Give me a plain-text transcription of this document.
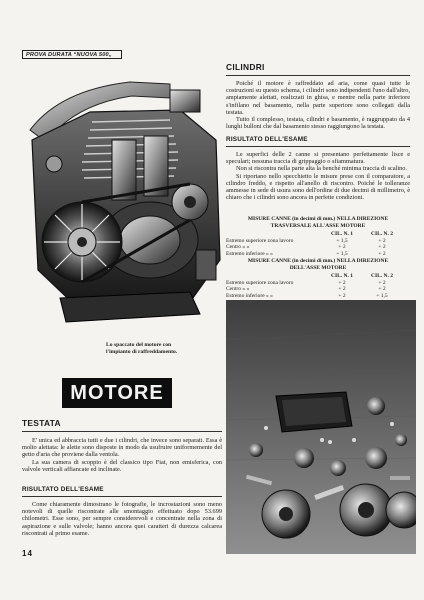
PROVA DURATA “NUOVA 500„
Lo spaccato del motore con
l'impianto di raffreddamento.
MOTORE
TESTATA

E' unica ed abbraccia tutti e due i cilindri, che invece sono separati. Essa è molto alettata: le alette sono disposte in modo da usufruire uniformemente del getto d'aria che proviene dalla ventola.

La sua camera di scoppio è del classico tipo Fiat, non emisferica, con valvole verticali affiancate ed inclinate.

RISULTATO DELL'ESAME

Come chiaramente dimostrano le fotografie, le incrostazioni sono meno notevoli di quelle riscontrate alle smontaggio effettuato dopo 53.699 chilometri. Esse sono, per sempre considerevoli e concentrate nella zona di aspirazione e sulle valvole; hanno ancora quei caratteri di durezza calcarea riscontrati al primo esame.

14
CILINDRI

Poiché il motore è raffreddato ad aria, come quasi tutte le costruzioni su questo schema, i cilindri sono indipendenti l'uno dall'altro, ampiamente alettati, realizzati in ghisa, e mentre nella parte inferiore s'infilano nel basamento, nella parte superiore sono collegati dalla testata.

Tutto il complesso, testata, cilindri e basamento, è raggruppato da 4 lunghi bulloni che dal basamento stesso raggiungono la testata.

RISULTATO DELL'ESAME

Le superfici delle 2 canne si presentano perfettamente lisce e speculari; nessuna traccia di grippaggio o sfiammatura.

Non si riscontra nella parte alta la benché minima traccia di scalino.

Si riportano nello specchietto le misure prese con il comparatore, a cilindro freddo, e rispetto all'anello di riscontro. Poiché le tolleranze ammesse in sede di usura sono dell'ordine di due decimi di millimetro, è chiaro che i cilindri sono ancora in perfette condizioni.

MISURE CANNE (in decimi di mm.) NELLA DIREZIONE
TRASVERSALE ALL'ASSE MOTORE
CIL. N. 1	CIL. N. 2
Estremo superiore zona lavoro	+ 1,5	+ 2
Centro » »	+ 2	+ 2
Estremo inferiore » »	+ 1,5	+ 2
MISURE CANNE (in decimi di mm.) NELLA DIREZIONE
DELL'ASSE MOTORE
CIL. N. 1	CIL. N. 2
Estremo superiore zona lavoro	+ 2	+ 2
Centro » »	+ 2	+ 2
Estremo inferiore » »	+ 2	+ 1,5
